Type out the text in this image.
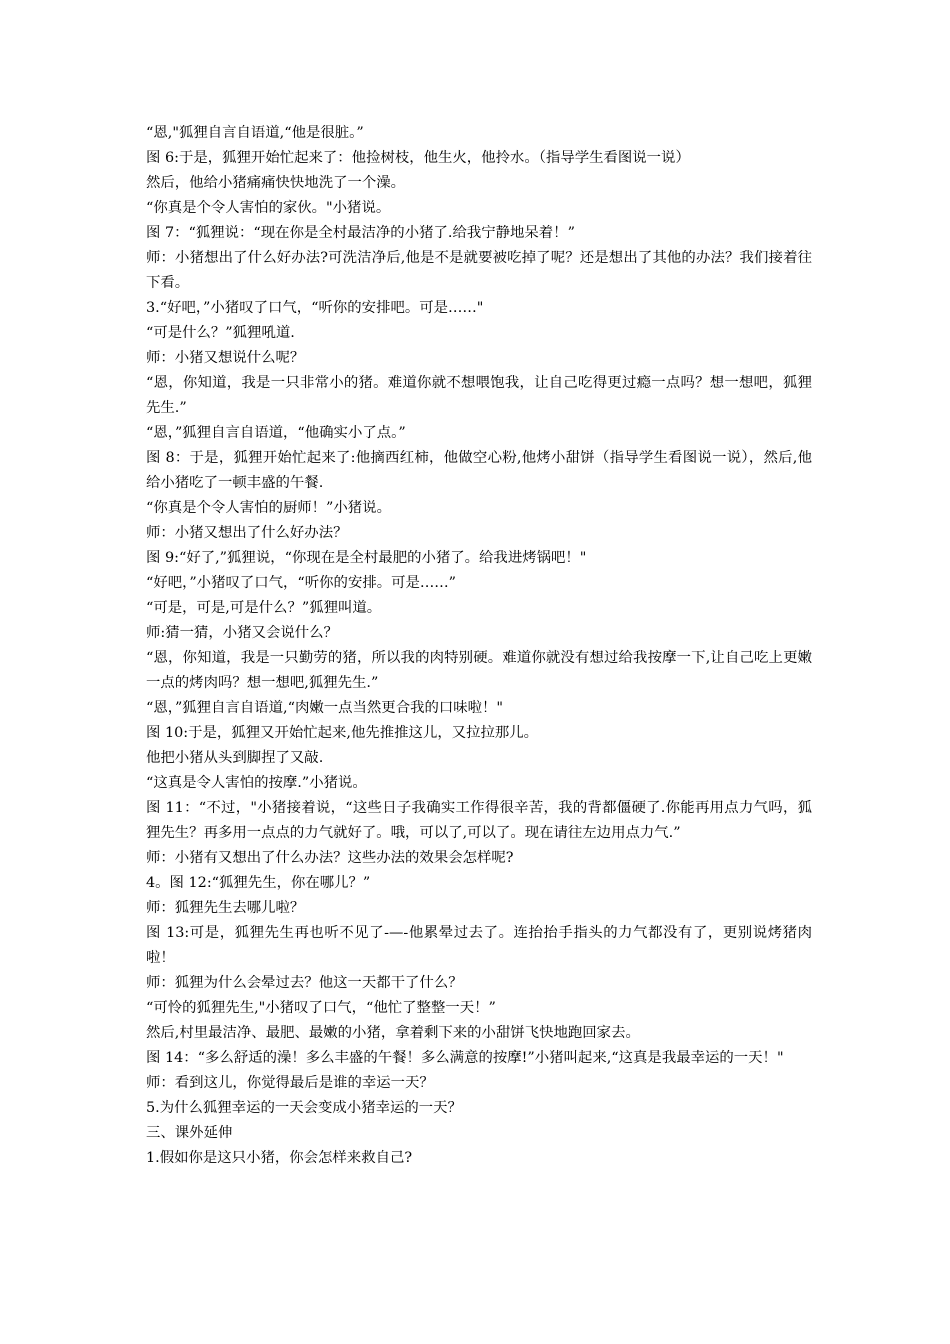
“恩,"狐狸自言自语道,“他是很脏。”

图 6:于是，狐狸开始忙起来了：他捡树枝，他生火，他拎水。（指导学生看图说一说）

然后，他给小猪痛痛快快地洗了一个澡。

“你真是个令人害怕的家伙。"小猪说。

图 7：“狐狸说：“现在你是全村最洁净的小猪了.给我宁静地呆着！”

师：小猪想出了什么好办法?可洗洁净后,他是不是就要被吃掉了呢？还是想出了其他的办法？我们接着往下看。

3.“好吧，”小猪叹了口气，“听你的安排吧。可是……"

“可是什么？”狐狸吼道.

师：小猪又想说什么呢？

“恩，你知道，我是一只非常小的猪。难道你就不想喂饱我，让自己吃得更过瘾一点吗？想一想吧，狐狸先生.”

“恩，”狐狸自言自语道，“他确实小了点。”

图 8：于是，狐狸开始忙起来了:他摘西红柿，他做空心粉,他烤小甜饼（指导学生看图说一说），然后,他给小猪吃了一顿丰盛的午餐.

“你真是个令人害怕的厨师！”小猪说。

师：小猪又想出了什么好办法？

图 9:“好了,”狐狸说，“你现在是全村最肥的小猪了。给我进烤锅吧！"

“好吧，”小猪叹了口气，“听你的安排。可是……”

“可是，可是,可是什么？”狐狸叫道。

师:猜一猜，小猪又会说什么？

“恩，你知道，我是一只勤劳的猪，所以我的肉特别硬。难道你就没有想过给我按摩一下,让自己吃上更嫩一点的烤肉吗？想一想吧,狐狸先生.”

“恩，”狐狸自言自语道,“肉嫩一点当然更合我的口味啦！"

图 10:于是，狐狸又开始忙起来,他先推推这儿，又拉拉那儿。

他把小猪从头到脚捏了又敲.

“这真是令人害怕的按摩.”小猪说。

图 11：“不过，"小猪接着说，“这些日子我确实工作得很辛苦，我的背都僵硬了.你能再用点力气吗，狐狸先生？再多用一点点的力气就好了。哦，可以了,可以了。现在请往左边用点力气.”

师：小猪有又想出了什么办法？这些办法的效果会怎样呢?

4。图 12:“狐狸先生，你在哪儿？”

师：狐狸先生去哪儿啦？

图 13:可是，狐狸先生再也听不见了-—-他累晕过去了。连抬抬手指头的力气都没有了，更别说烤猪肉啦！

师：狐狸为什么会晕过去？他这一天都干了什么？

“可怜的狐狸先生,"小猪叹了口气，“他忙了整整一天！”

然后,村里最洁净、最肥、最嫩的小猪，拿着剩下来的小甜饼飞快地跑回家去。

图 14：“多么舒适的澡！多么丰盛的午餐！多么满意的按摩!”小猪叫起来,“这真是我最幸运的一天！"

师：看到这儿，你觉得最后是谁的幸运一天？

5.为什么狐狸幸运的一天会变成小猪幸运的一天？

三、课外延伸

1.假如你是这只小猪，你会怎样来救自己?
